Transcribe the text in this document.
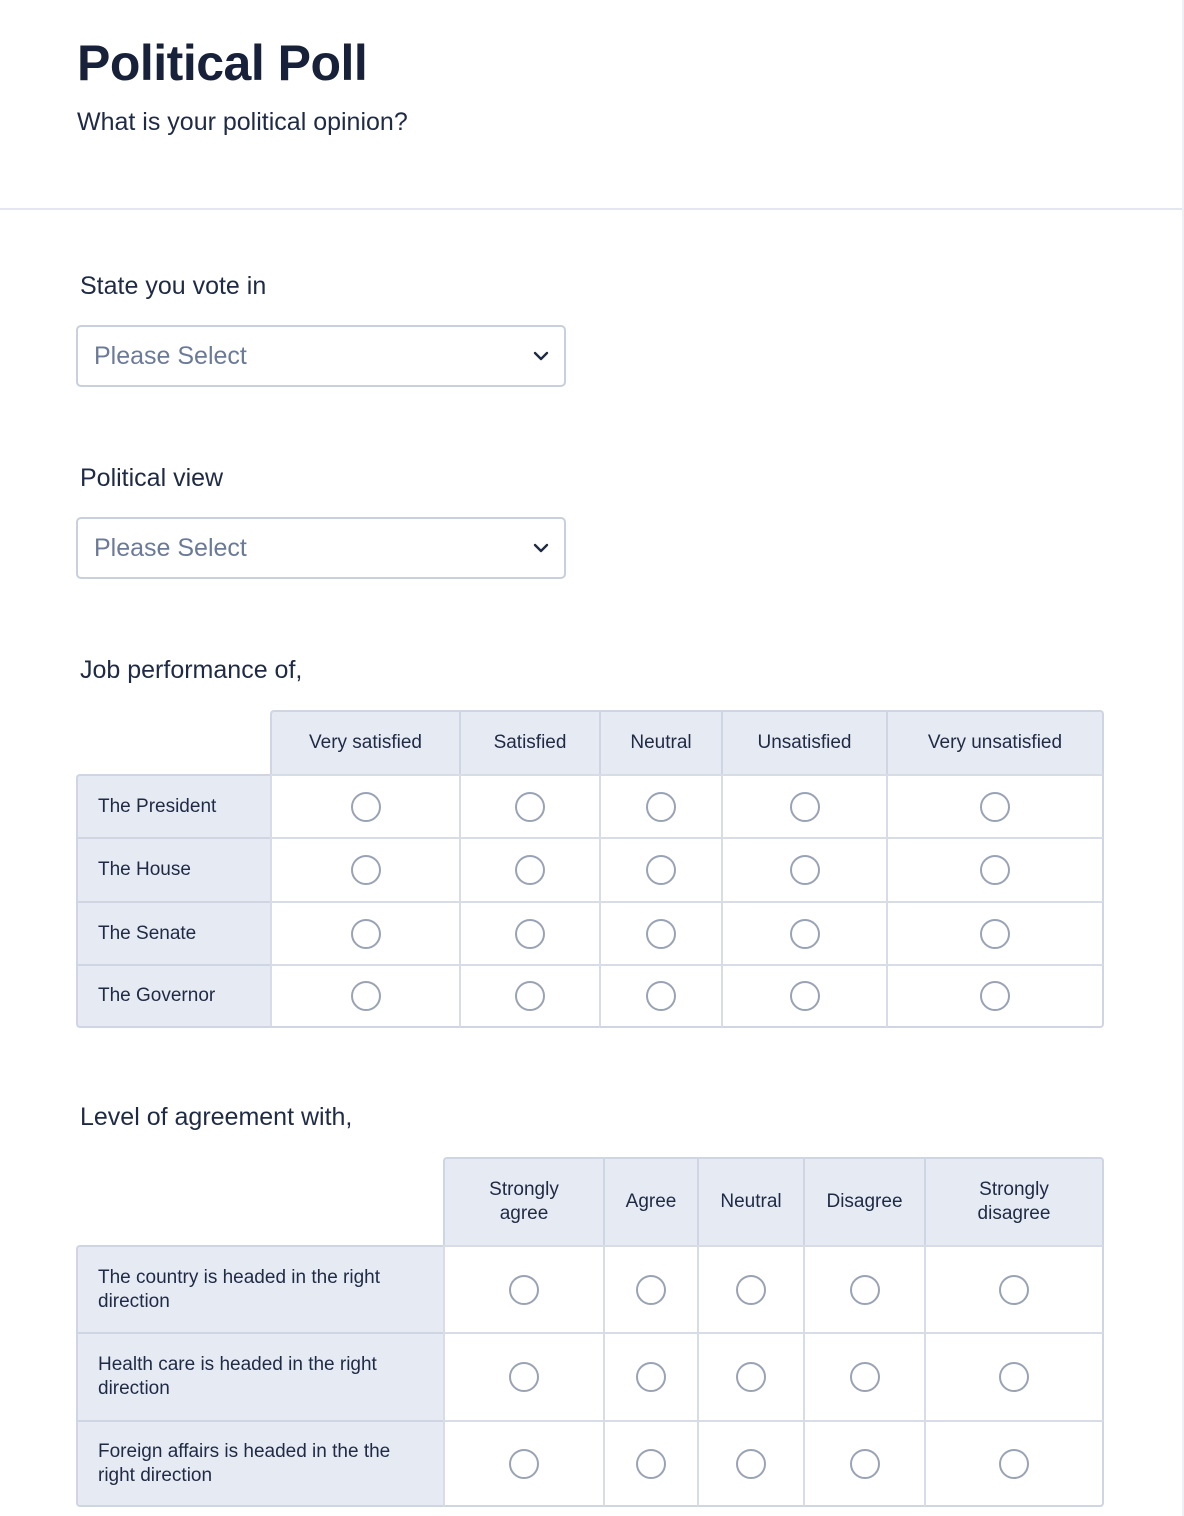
Political Poll
What is your political opinion?
State you vote in
Please Select
Political view
Please Select
Job performance of,
	Very satisfied	Satisfied	Neutral	Unsatisfied	Very unsatisfied
The President					
The House					
The Senate					
The Governor					
Level of agreement with,
	Strongly agree	Agree	Neutral	Disagree	Strongly disagree
The country is headed in the right direction					
Health care is headed in the right direction					
Foreign affairs is headed in the the right direction					
